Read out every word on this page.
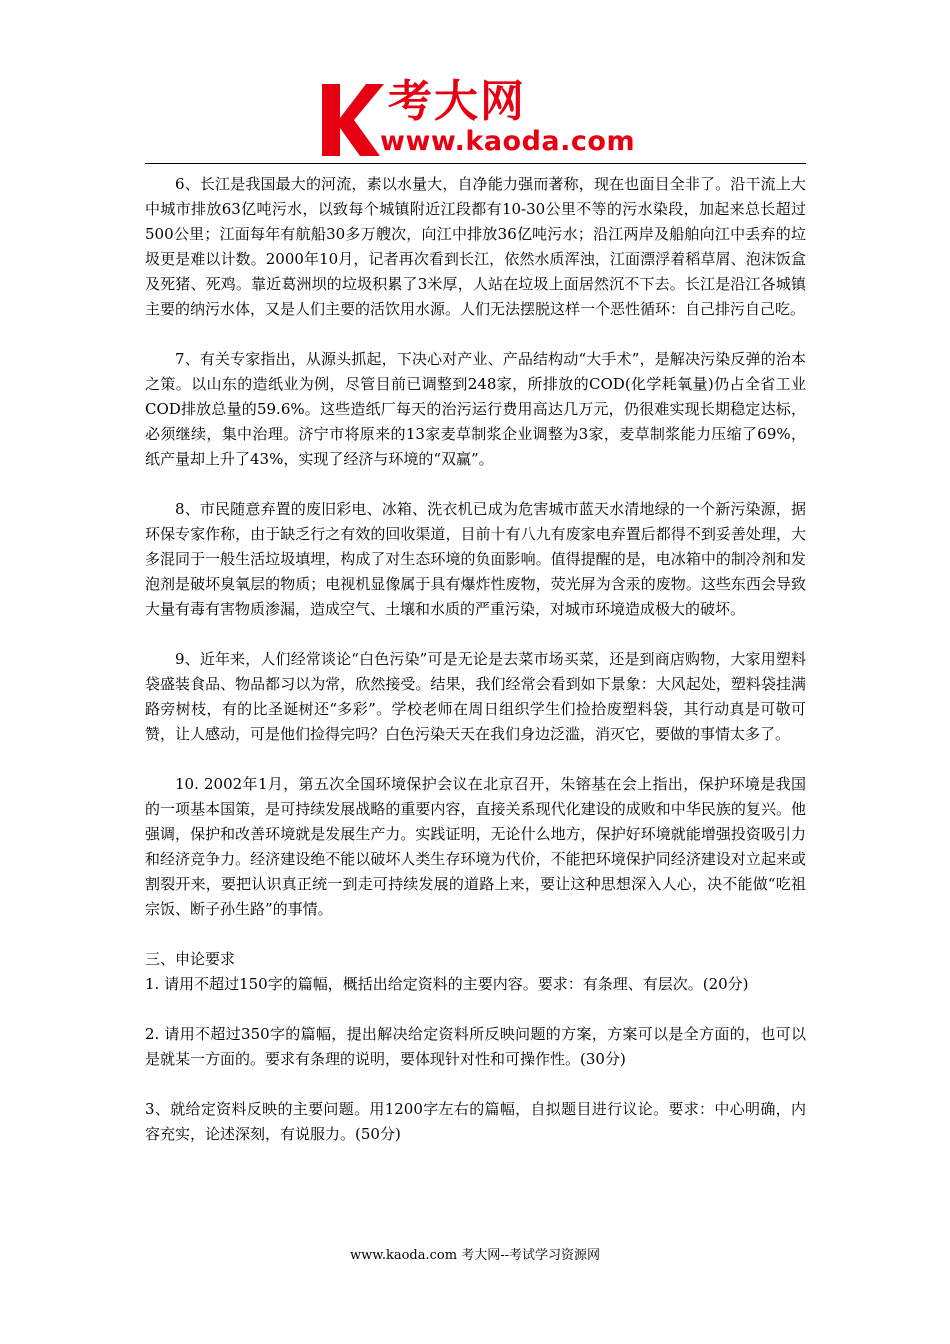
考大网
www.kaoda.com

6、长江是我国最大的河流，素以水量大，自净能力强而著称，现在也面目全非了。沿干流上大中城市排放63亿吨污水，以致每个城镇附近江段都有10-30公里不等的污水染段，加起来总长超过500公里；江面每年有航船30多万艘次，向江中排放36亿吨污水；沿江两岸及船舶向江中丢弃的垃圾更是难以计数。2000年10月，记者再次看到长江，依然水质浑浊，江面漂浮着稻草屑、泡沫饭盒及死猪、死鸡。靠近葛洲坝的垃圾积累了3米厚，人站在垃圾上面居然沉不下去。长江是沿江各城镇主要的纳污水体，又是人们主要的活饮用水源。人们无法摆脱这样一个恶性循环：自己排污自己吃。

7、有关专家指出，从源头抓起，下决心对产业、产品结构动“大手术”，是解决污染反弹的治本之策。以山东的造纸业为例，尽管目前已调整到248家，所排放的COD(化学耗氧量)仍占全省工业COD排放总量的59.6%。这些造纸厂每天的治污运行费用高达几万元，仍很难实现长期稳定达标，必须继续，集中治理。济宁市将原来的13家麦草制浆企业调整为3家，麦草制浆能力压缩了69%，纸产量却上升了43%，实现了经济与环境的“双赢”。

8、市民随意弃置的废旧彩电、冰箱、洗衣机已成为危害城市蓝天水清地绿的一个新污染源，据环保专家作称，由于缺乏行之有效的回收渠道，目前十有八九有废家电弃置后都得不到妥善处理，大多混同于一般生活垃圾填埋，构成了对生态环境的负面影响。值得提醒的是，电冰箱中的制冷剂和发泡剂是破坏臭氧层的物质；电视机显像属于具有爆炸性废物，荧光屏为含汞的废物。这些东西会导致大量有毒有害物质渗漏，造成空气、土壤和水质的严重污染，对城市环境造成极大的破坏。

9、近年来，人们经常谈论“白色污染”可是无论是去菜市场买菜，还是到商店购物，大家用塑料袋盛装食品、物品都习以为常，欣然接受。结果，我们经常会看到如下景象：大风起处，塑料袋挂满路旁树枝，有的比圣诞树还“多彩”。学校老师在周日组织学生们捡拾废塑料袋，其行动真是可敬可赞，让人感动，可是他们捡得完吗？白色污染天天在我们身边泛滥，消灭它，要做的事情太多了。

10. 2002年1月，第五次全国环境保护会议在北京召开，朱镕基在会上指出，保护环境是我国的一项基本国策，是可持续发展战略的重要内容，直接关系现代化建设的成败和中华民族的复兴。他强调，保护和改善环境就是发展生产力。实践证明，无论什么地方，保护好环境就能增强投资吸引力和经济竞争力。经济建设绝不能以破坏人类生存环境为代价，不能把环境保护同经济建设对立起来或割裂开来，要把认识真正统一到走可持续发展的道路上来，要让这种思想深入人心，决不能做“吃祖宗饭、断子孙生路”的事情。

三、申论要求

1. 请用不超过150字的篇幅，概括出给定资料的主要内容。要求：有条理、有层次。(20分)

2. 请用不超过350字的篇幅，提出解决给定资料所反映问题的方案，方案可以是全方面的，也可以是就某一方面的。要求有条理的说明，要体现针对性和可操作性。(30分)

3、就给定资料反映的主要问题。用1200字左右的篇幅，自拟题目进行议论。要求：中心明确，内容充实，论述深刻，有说服力。(50分)

www.kaoda.com 考大网--考试学习资源网
